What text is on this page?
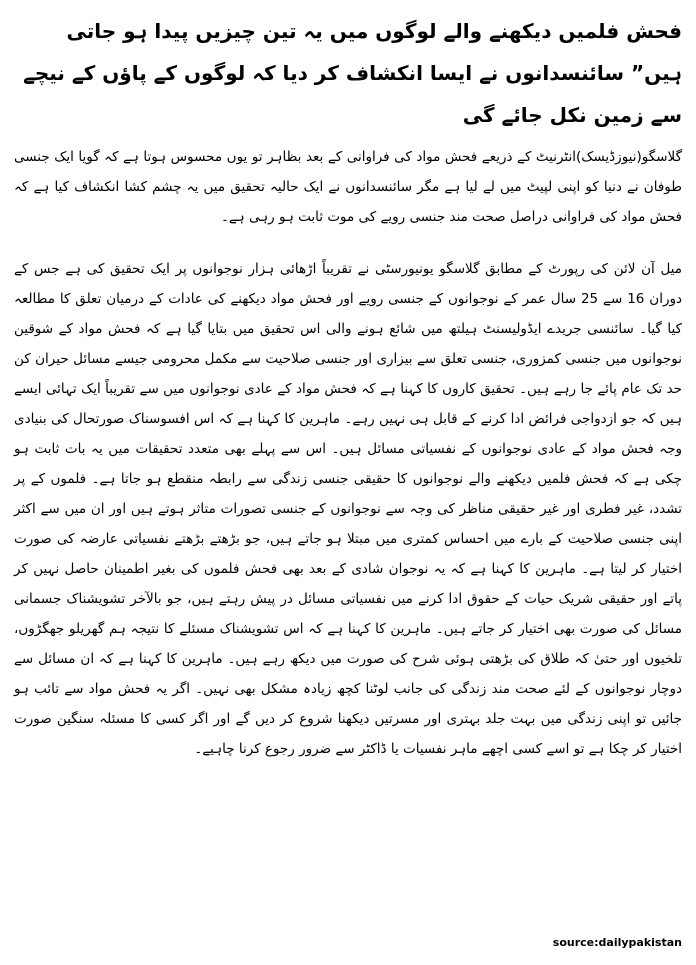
فحش فلمیں دیکھنے والے لوگوں میں یہ تین چیزیں پیدا ہو جاتی ہیں” سائنسدانوں نے ایسا انکشاف کر دیا کہ لوگوں کے پاؤں کے نیچے سے زمین نکل جائے گی

گلاسگو(نیوزڈیسک)انٹرنیٹ کے ذریعے فحش مواد کی فراوانی کے بعد بظاہر تو یوں محسوس ہوتا ہے کہ گویا ایک جنسی طوفان نے دنیا کو اپنی لپیٹ میں لے لیا ہے مگر سائنسدانوں نے ایک حالیہ تحقیق میں یہ چشم کشا انکشاف کیا ہے کہ فحش مواد کی فراوانی دراصل صحت مند جنسی رویے کی موت ثابت ہو رہی ہے۔

میل آن لائن کی رپورٹ کے مطابق گلاسگو یونیورسٹی نے تقریباً اڑھائی ہزار نوجوانوں پر ایک تحقیق کی ہے جس کے دوران 16 سے 25 سال عمر کے نوجوانوں کے جنسی رویے اور فحش مواد دیکھنے کی عادات کے درمیان تعلق کا مطالعہ کیا گیا۔ سائنسی جریدے ایڈولیسنٹ ہیلتھ میں شائع ہونے والی اس تحقیق میں بتایا گیا ہے کہ فحش مواد کے شوقین نوجوانوں میں جنسی کمزوری، جنسی تعلق سے بیزاری اور جنسی صلاحیت سے مکمل محرومی جیسے مسائل حیران کن حد تک عام پائے جا رہے ہیں۔ تحقیق کاروں کا کہنا ہے کہ فحش مواد کے عادی نوجوانوں میں سے تقریباً ایک تہائی ایسے ہیں کہ جو ازدواجی فرائض ادا کرنے کے قابل ہی نہیں رہے۔ ماہرین کا کہنا ہے کہ اس افسوسناک صورتحال کی بنیادی وجہ فحش مواد کے عادی نوجوانوں کے نفسیاتی مسائل ہیں۔ اس سے پہلے بھی متعدد تحقیقات میں یہ بات ثابت ہو چکی ہے کہ فحش فلمیں دیکھنے والے نوجوانوں کا حقیقی جنسی زندگی سے رابطہ منقطع ہو جاتا ہے۔ فلموں کے پر تشدد، غیر فطری اور غیر حقیقی مناظر کی وجہ سے نوجوانوں کے جنسی تصورات متاثر ہوتے ہیں اور ان میں سے اکثر اپنی جنسی صلاحیت کے بارے میں احساس کمتری میں مبتلا ہو جاتے ہیں، جو بڑھتے بڑھتے نفسیاتی عارضہ کی صورت اختیار کر لیتا ہے۔ ماہرین کا کہنا ہے کہ یہ نوجوان شادی کے بعد بھی فحش فلموں کی بغیر اطمینان حاصل نہیں کر پاتے اور حقیقی شریک حیات کے حقوق ادا کرنے میں نفسیاتی مسائل در پیش رہتے ہیں، جو بالآخر تشویشناک جسمانی مسائل کی صورت بھی اختیار کر جاتے ہیں۔ ماہرین کا کہنا ہے کہ اس تشویشناک مسئلے کا نتیجہ ہم گھریلو جھگڑوں، تلخیوں اور حتیٰ کہ طلاق کی بڑھتی ہوئی شرح کی صورت میں دیکھ رہے ہیں۔ ماہرین کا کہنا ہے کہ ان مسائل سے دوچار نوجوانوں کے لئے صحت مند زندگی کی جانب لوٹنا کچھ زیادہ مشکل بھی نہیں۔ اگر یہ فحش مواد سے تائب ہو جائیں تو اپنی زندگی میں بہت جلد بہتری اور مسرتیں دیکھنا شروع کر دیں گے اور اگر کسی کا مسئلہ سنگین صورت اختیار کر چکا ہے تو اسے کسی اچھے ماہر نفسیات یا ڈاکٹر سے ضرور رجوع کرنا چاہیے۔

source:dailypakistan
